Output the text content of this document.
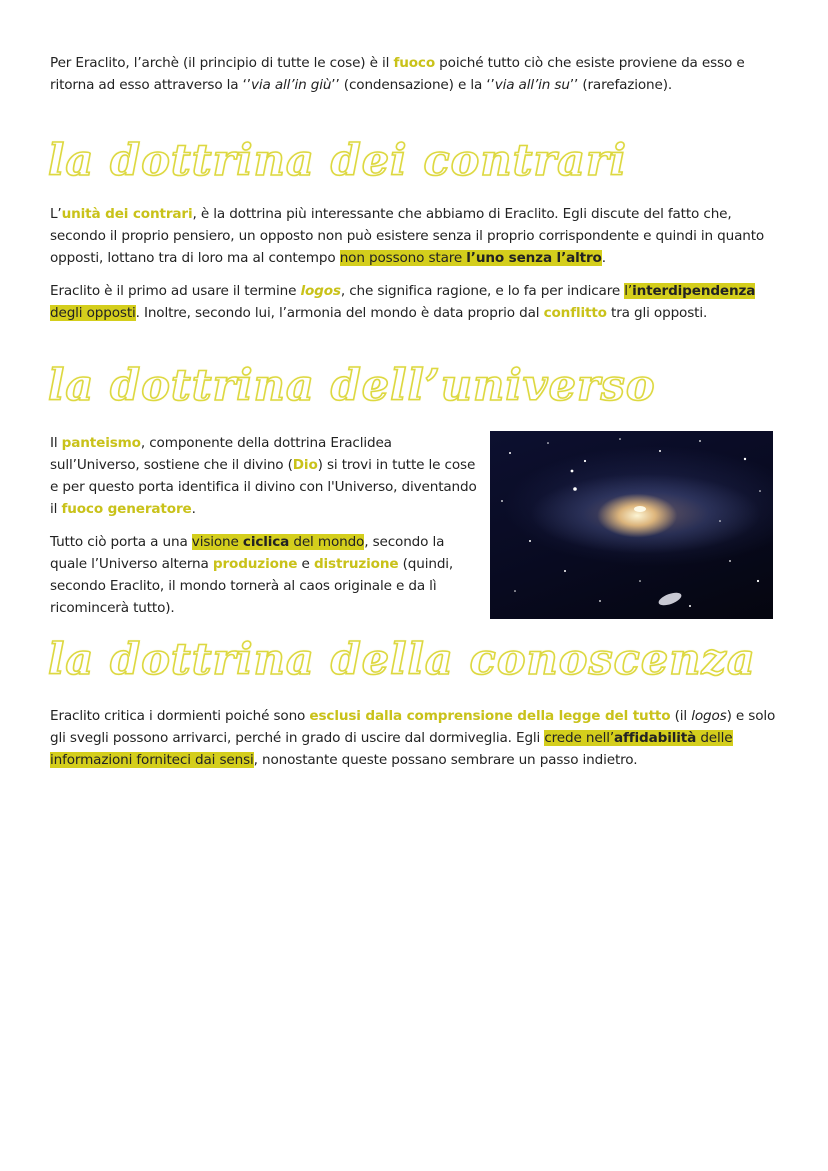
Per Eraclito, l’archè (il principio di tutte le cose) è il fuoco poiché tutto ciò che esiste proviene da esso e ritorna ad esso attraverso la ‘’via all’in giù’’ (condensazione) e la ‘’via all’in su’’ (rarefazione).

la dottrina dei contrari

L’unità dei contrari, è la dottrina più interessante che abbiamo di Eraclito. Egli discute del fatto che, secondo il proprio pensiero, un opposto non può esistere senza il proprio corrispondente e quindi in quanto opposti, lottano tra di loro ma al contempo non possono stare l’uno senza l’altro.

Eraclito è il primo ad usare il termine logos, che significa ragione, e lo fa per indicare l’interdipendenza degli opposti. Inoltre, secondo lui, l’armonia del mondo è data proprio dal conflitto tra gli opposti.

la dottrina dell’universo

Il panteismo, componente della dottrina Eraclidea sull’Universo, sostiene che il divino (Dio) si trovi in tutte le cose e per questo porta identifica il divino con l'Universo, diventando il fuoco generatore.

Tutto ciò porta a una visione ciclica del mondo, secondo la quale l’Universo alterna produzione e distruzione (quindi, secondo Eraclito, il mondo tornerà al caos originale e da lì ricomincerà tutto).

la dottrina della conoscenza

Eraclito critica i dormienti poiché sono esclusi dalla comprensione della legge del tutto (il logos) e solo gli svegli possono arrivarci, perché in grado di uscire dal dormiveglia. Egli crede nell’affidabilità delle informazioni forniteci dai sensi, nonostante queste possano sembrare un passo indietro.
